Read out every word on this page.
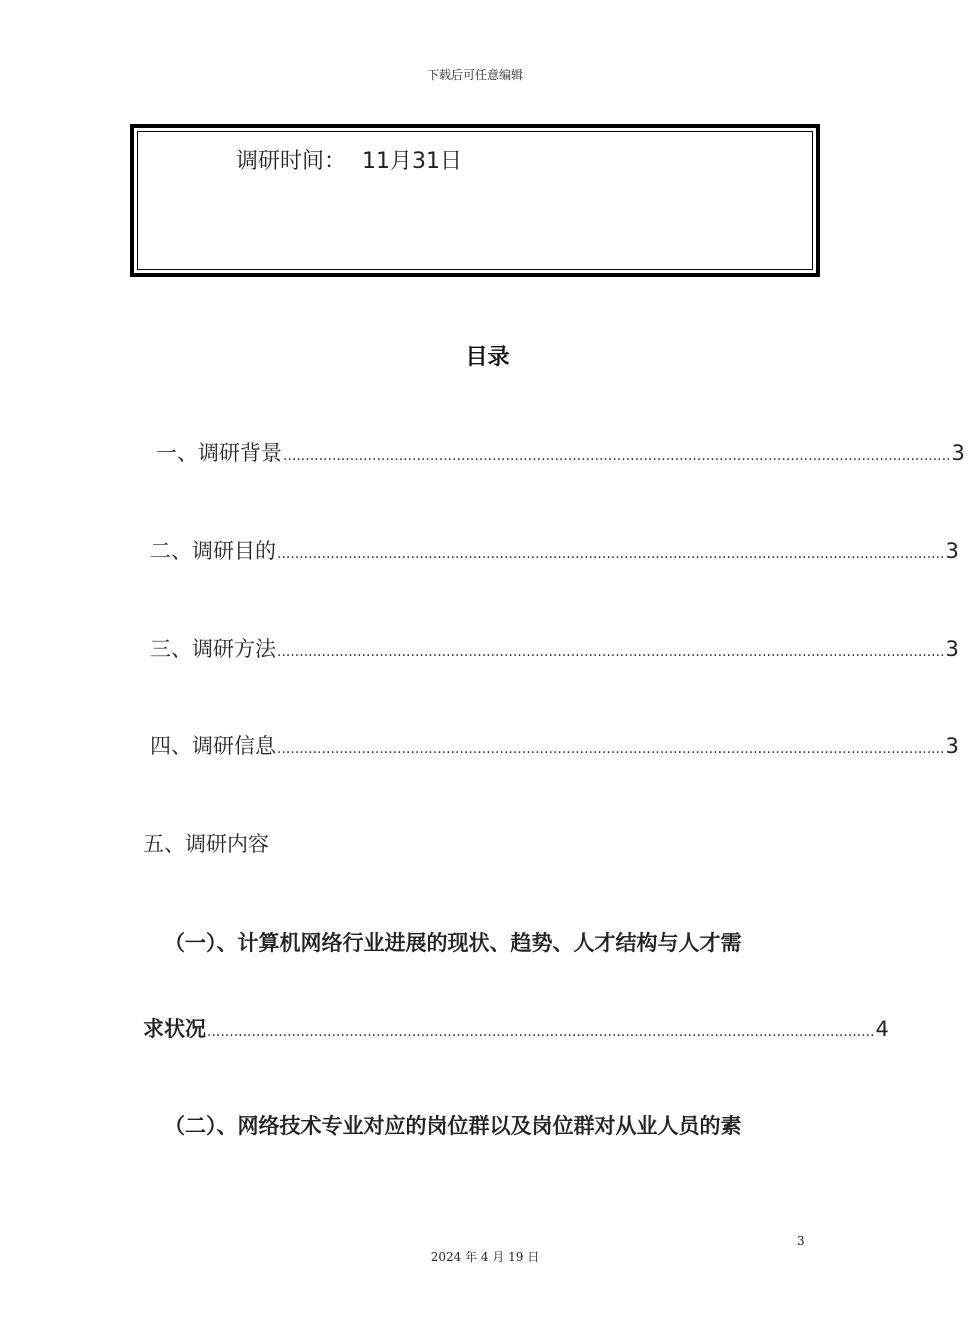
下载后可任意编辑
调研时间： 11月31日
目录
一、调研背景 ...................................................................................................................................................... 3
二、调研目的 ...................................................................................................................................................... 3
三、调研方法 ...................................................................................................................................................... 3
四、调研信息 ...................................................................................................................................................... 3
五、调研内容
（一）、计算机网络行业进展的现状、趋势、人才结构与人才需
求状况 ...................................................................................................................................................... 4
（二）、网络技术专业对应的岗位群以及岗位群对从业人员的素
3
2024 年 4 月 19 日
